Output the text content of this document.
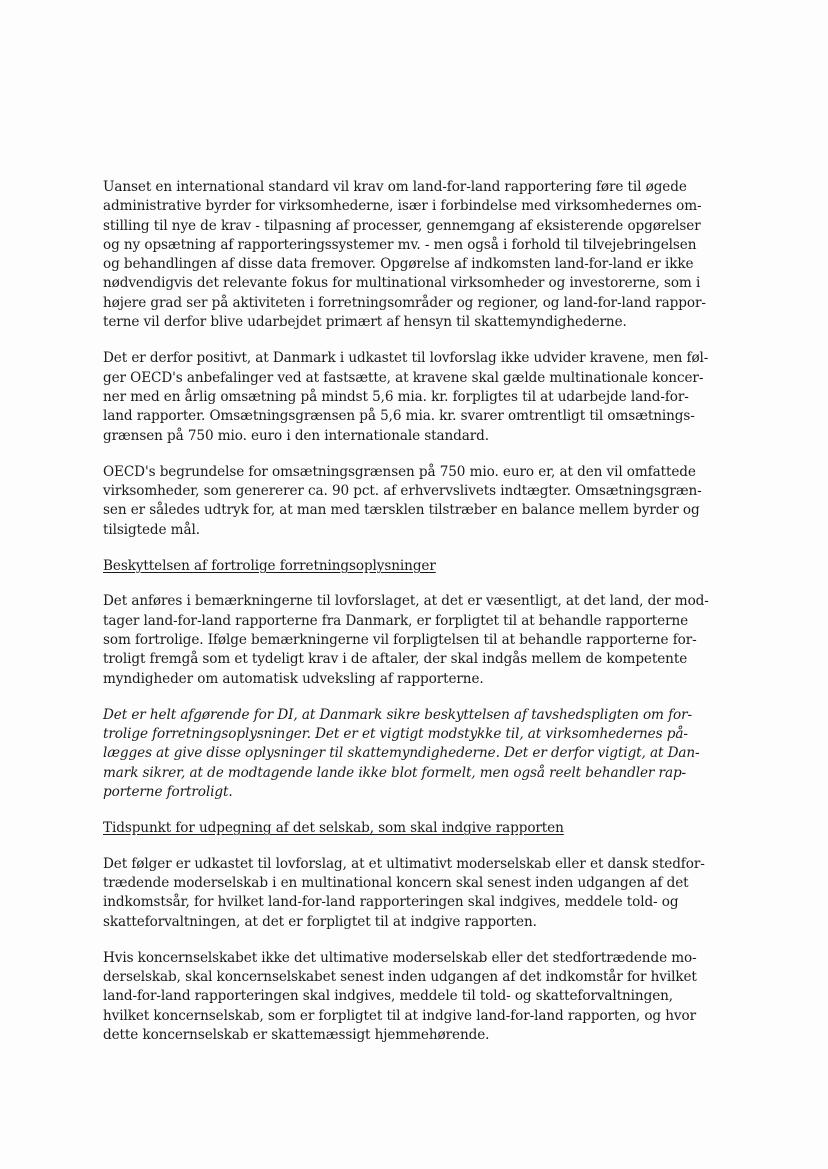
Uanset en international standard vil krav om land-for-land rapportering føre til øgede
administrative byrder for virksomhederne, især i forbindelse med virksomhedernes om-
stilling til nye de krav - tilpasning af processer, gennemgang af eksisterende opgørelser
og ny opsætning af rapporteringssystemer mv. - men også i forhold til tilvejebringelsen
og behandlingen af disse data fremover. Opgørelse af indkomsten land-for-land er ikke
nødvendigvis det relevante fokus for multinational virksomheder og investorerne, som i
højere grad ser på aktiviteten i forretningsområder og regioner, og land-for-land rappor-
terne vil derfor blive udarbejdet primært af hensyn til skattemyndighederne.

Det er derfor positivt, at Danmark i udkastet til lovforslag ikke udvider kravene, men føl-
ger OECD's anbefalinger ved at fastsætte, at kravene skal gælde multinationale koncer-
ner med en årlig omsætning på mindst 5,6 mia. kr. forpligtes til at udarbejde land-for-
land rapporter. Omsætningsgrænsen på 5,6 mia. kr. svarer omtrentligt til omsætnings-
grænsen på 750 mio. euro i den internationale standard.

OECD's begrundelse for omsætningsgrænsen på 750 mio. euro er, at den vil omfattede
virksomheder, som genererer ca. 90 pct. af erhvervslivets indtægter. Omsætningsgræn-
sen er således udtryk for, at man med tærsklen tilstræber en balance mellem byrder og
tilsigtede mål.

Beskyttelsen af fortrolige forretningsoplysninger

Det anføres i bemærkningerne til lovforslaget, at det er væsentligt, at det land, der mod-
tager land-for-land rapporterne fra Danmark, er forpligtet til at behandle rapporterne
som fortrolige. Ifølge bemærkningerne vil forpligtelsen til at behandle rapporterne for-
troligt fremgå som et tydeligt krav i de aftaler, der skal indgås mellem de kompetente
myndigheder om automatisk udveksling af rapporterne.

Det er helt afgørende for DI, at Danmark sikre beskyttelsen af tavshedspligten om for-
trolige forretningsoplysninger. Det er et vigtigt modstykke til, at virksomhedernes på-
lægges at give disse oplysninger til skattemyndighederne. Det er derfor vigtigt, at Dan-
mark sikrer, at de modtagende lande ikke blot formelt, men også reelt behandler rap-
porterne fortroligt.

Tidspunkt for udpegning af det selskab, som skal indgive rapporten

Det følger er udkastet til lovforslag, at et ultimativt moderselskab eller et dansk stedfor-
trædende moderselskab i en multinational koncern skal senest inden udgangen af det
indkomstsår, for hvilket land-for-land rapporteringen skal indgives, meddele told- og
skatteforvaltningen, at det er forpligtet til at indgive rapporten.

Hvis koncernselskabet ikke det ultimative moderselskab eller det stedfortrædende mo-
derselskab, skal koncernselskabet senest inden udgangen af det indkomstår for hvilket
land-for-land rapporteringen skal indgives, meddele til told- og skatteforvaltningen,
hvilket koncernselskab, som er forpligtet til at indgive land-for-land rapporten, og hvor
dette koncernselskab er skattemæssigt hjemmehørende.
